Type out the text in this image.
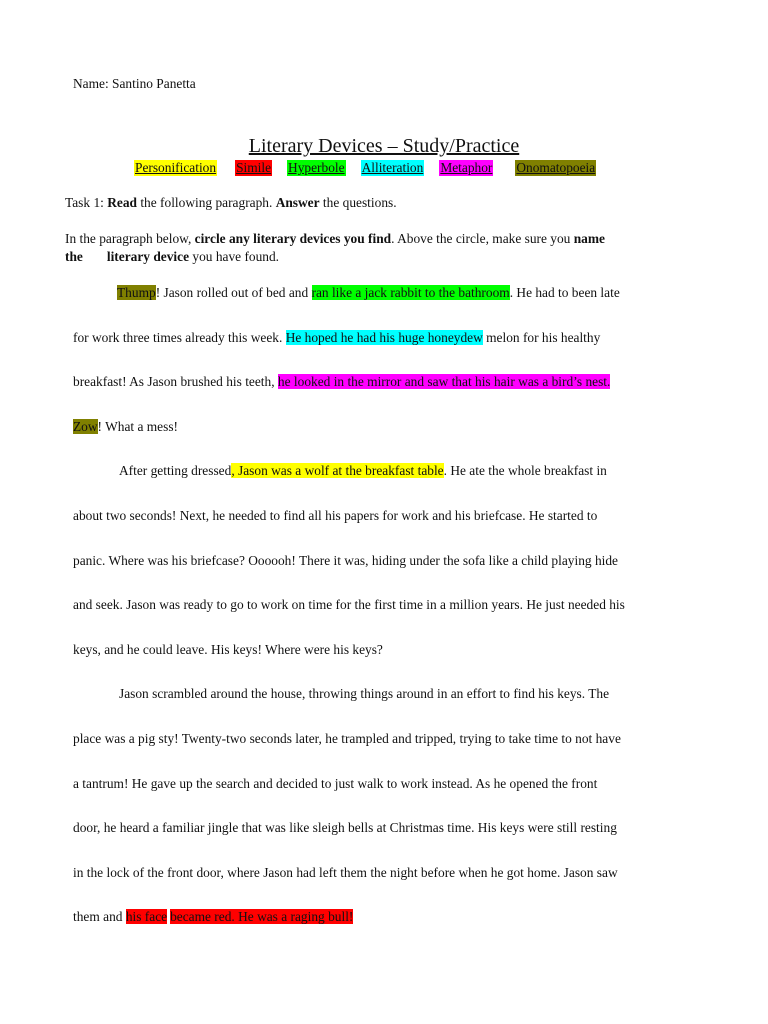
Name: Santino Panetta
Literary Devices – Study/Practice
Personification Simile Hyperbole Alliteration Metaphor Onomatopoeia
Task 1: Read the following paragraph. Answer the questions.
In the paragraph below, circle any literary devices you find. Above the circle, make sure you name
the literary device you have found.
Thump! Jason rolled out of bed and ran like a jack rabbit to the bathroom. He had to been late
for work three times already this week. He hoped he had his huge honeydew melon for his healthy
breakfast! As Jason brushed his teeth, he looked in the mirror and saw that his hair was a bird’s nest.
Zow! What a mess!
After getting dressed, Jason was a wolf at the breakfast table. He ate the whole breakfast in
about two seconds! Next, he needed to find all his papers for work and his briefcase. He started to
panic. Where was his briefcase? Oooooh! There it was, hiding under the sofa like a child playing hide
and seek. Jason was ready to go to work on time for the first time in a million years. He just needed his
keys, and he could leave. His keys! Where were his keys?
Jason scrambled around the house, throwing things around in an effort to find his keys. The
place was a pig sty! Twenty-two seconds later, he trampled and tripped, trying to take time to not have
a tantrum! He gave up the search and decided to just walk to work instead. As he opened the front
door, he heard a familiar jingle that was like sleigh bells at Christmas time. His keys were still resting
in the lock of the front door, where Jason had left them the night before when he got home. Jason saw
them and his face became red. He was a raging bull!
